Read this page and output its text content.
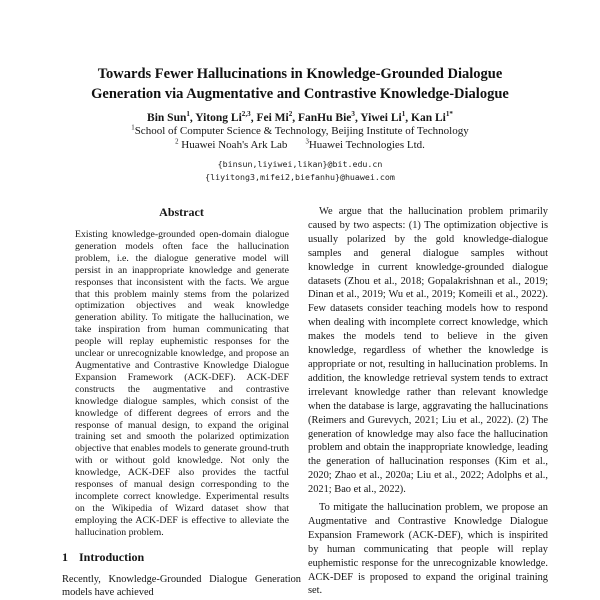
Towards Fewer Hallucinations in Knowledge-Grounded Dialogue
Generation via Augmentative and Contrastive Knowledge-Dialogue
Bin Sun$^1$, Yitong Li$^{2,3}$, Fei Mi$^2$, FanHu Bie$^3$, Yiwei Li$^1$, Kan $Li^{1*}$
$^1$School of Computer Science & Technology, Beijing Institute of Technology
$^2$ Huawei Noah's Ark Lab	$^3$Huawei Technologies Ltd.
{binsun,liyiwei,likan}@bit.edu.cn
{liyitong3,mifei2,biefanhu}@huawei.com
Abstract

Existing knowledge-grounded open-domain dialogue generation models often face the hallucination problem, i.e. the dialogue generative model will persist in an inappropriate knowledge and generate responses that inconsistent with the facts. We argue that this problem mainly stems from the polarized optimization objectives and weak knowledge generation ability. To mitigate the hallucination, we take inspiration from human communicating that people will replay euphemistic responses for the unclear or unrecognizable knowledge, and propose an Augmentative and Contrastive Knowledge Dialogue Expansion Framework (ACK-DEF). ACK-DEF constructs the augmentative and contrastive knowledge dialogue samples, which consist of the knowledge of different degrees of errors and the response of manual design, to expand the original training set and smooth the polarized optimization objective that enables models to generate ground-truth with or without gold knowledge. Not only the knowledge, ACK-DEF also provides the tactful responses of manual design corresponding to the incomplete correct knowledge. Experimental results on the Wikipedia of Wizard dataset show that employing the ACK-DEF is effective to alleviate the hallucination problem.

1 Introduction

Recently, Knowledge-Grounded Dialogue Generation models have achieved

We argue that the hallucination problem primarily caused by two aspects: (1) The optimization objective is usually polarized by the gold knowledge-dialogue samples and general dialogue samples without knowledge in current knowledge-grounded dialogue datasets (Zhou et al., 2018; Gopalakrishnan et al., 2019; Dinan et al., 2019; Wu et al., 2019; Komeili et al., 2022). Few datasets consider teaching models how to respond when dealing with incomplete correct knowledge, which makes the models tend to believe in the given knowledge, regardless of whether the knowledge is appropriate or not, resulting in hallucination problems. In addition, the knowledge retrieval system tends to extract irrelevant knowledge rather than relevant knowledge when the database is large, aggravating the hallucinations (Reimers and Gurevych, 2021; Liu et al., 2022). (2) The generation of knowledge may also face the hallucination problem and obtain the inappropriate knowledge, leading the generation of hallucination responses (Kim et al., 2020; Zhao et al., 2020a; Liu et al., 2022; Adolphs et al., 2021; Bao et al., 2022).

To mitigate the hallucination problem, we propose an Augmentative and Contrastive Knowledge Dialogue Expansion Framework (ACK-DEF), which is inspirited by human communicating that people will replay euphemistic response for the unrecognizable knowledge. ACK-DEF is proposed to expand the original training set.
